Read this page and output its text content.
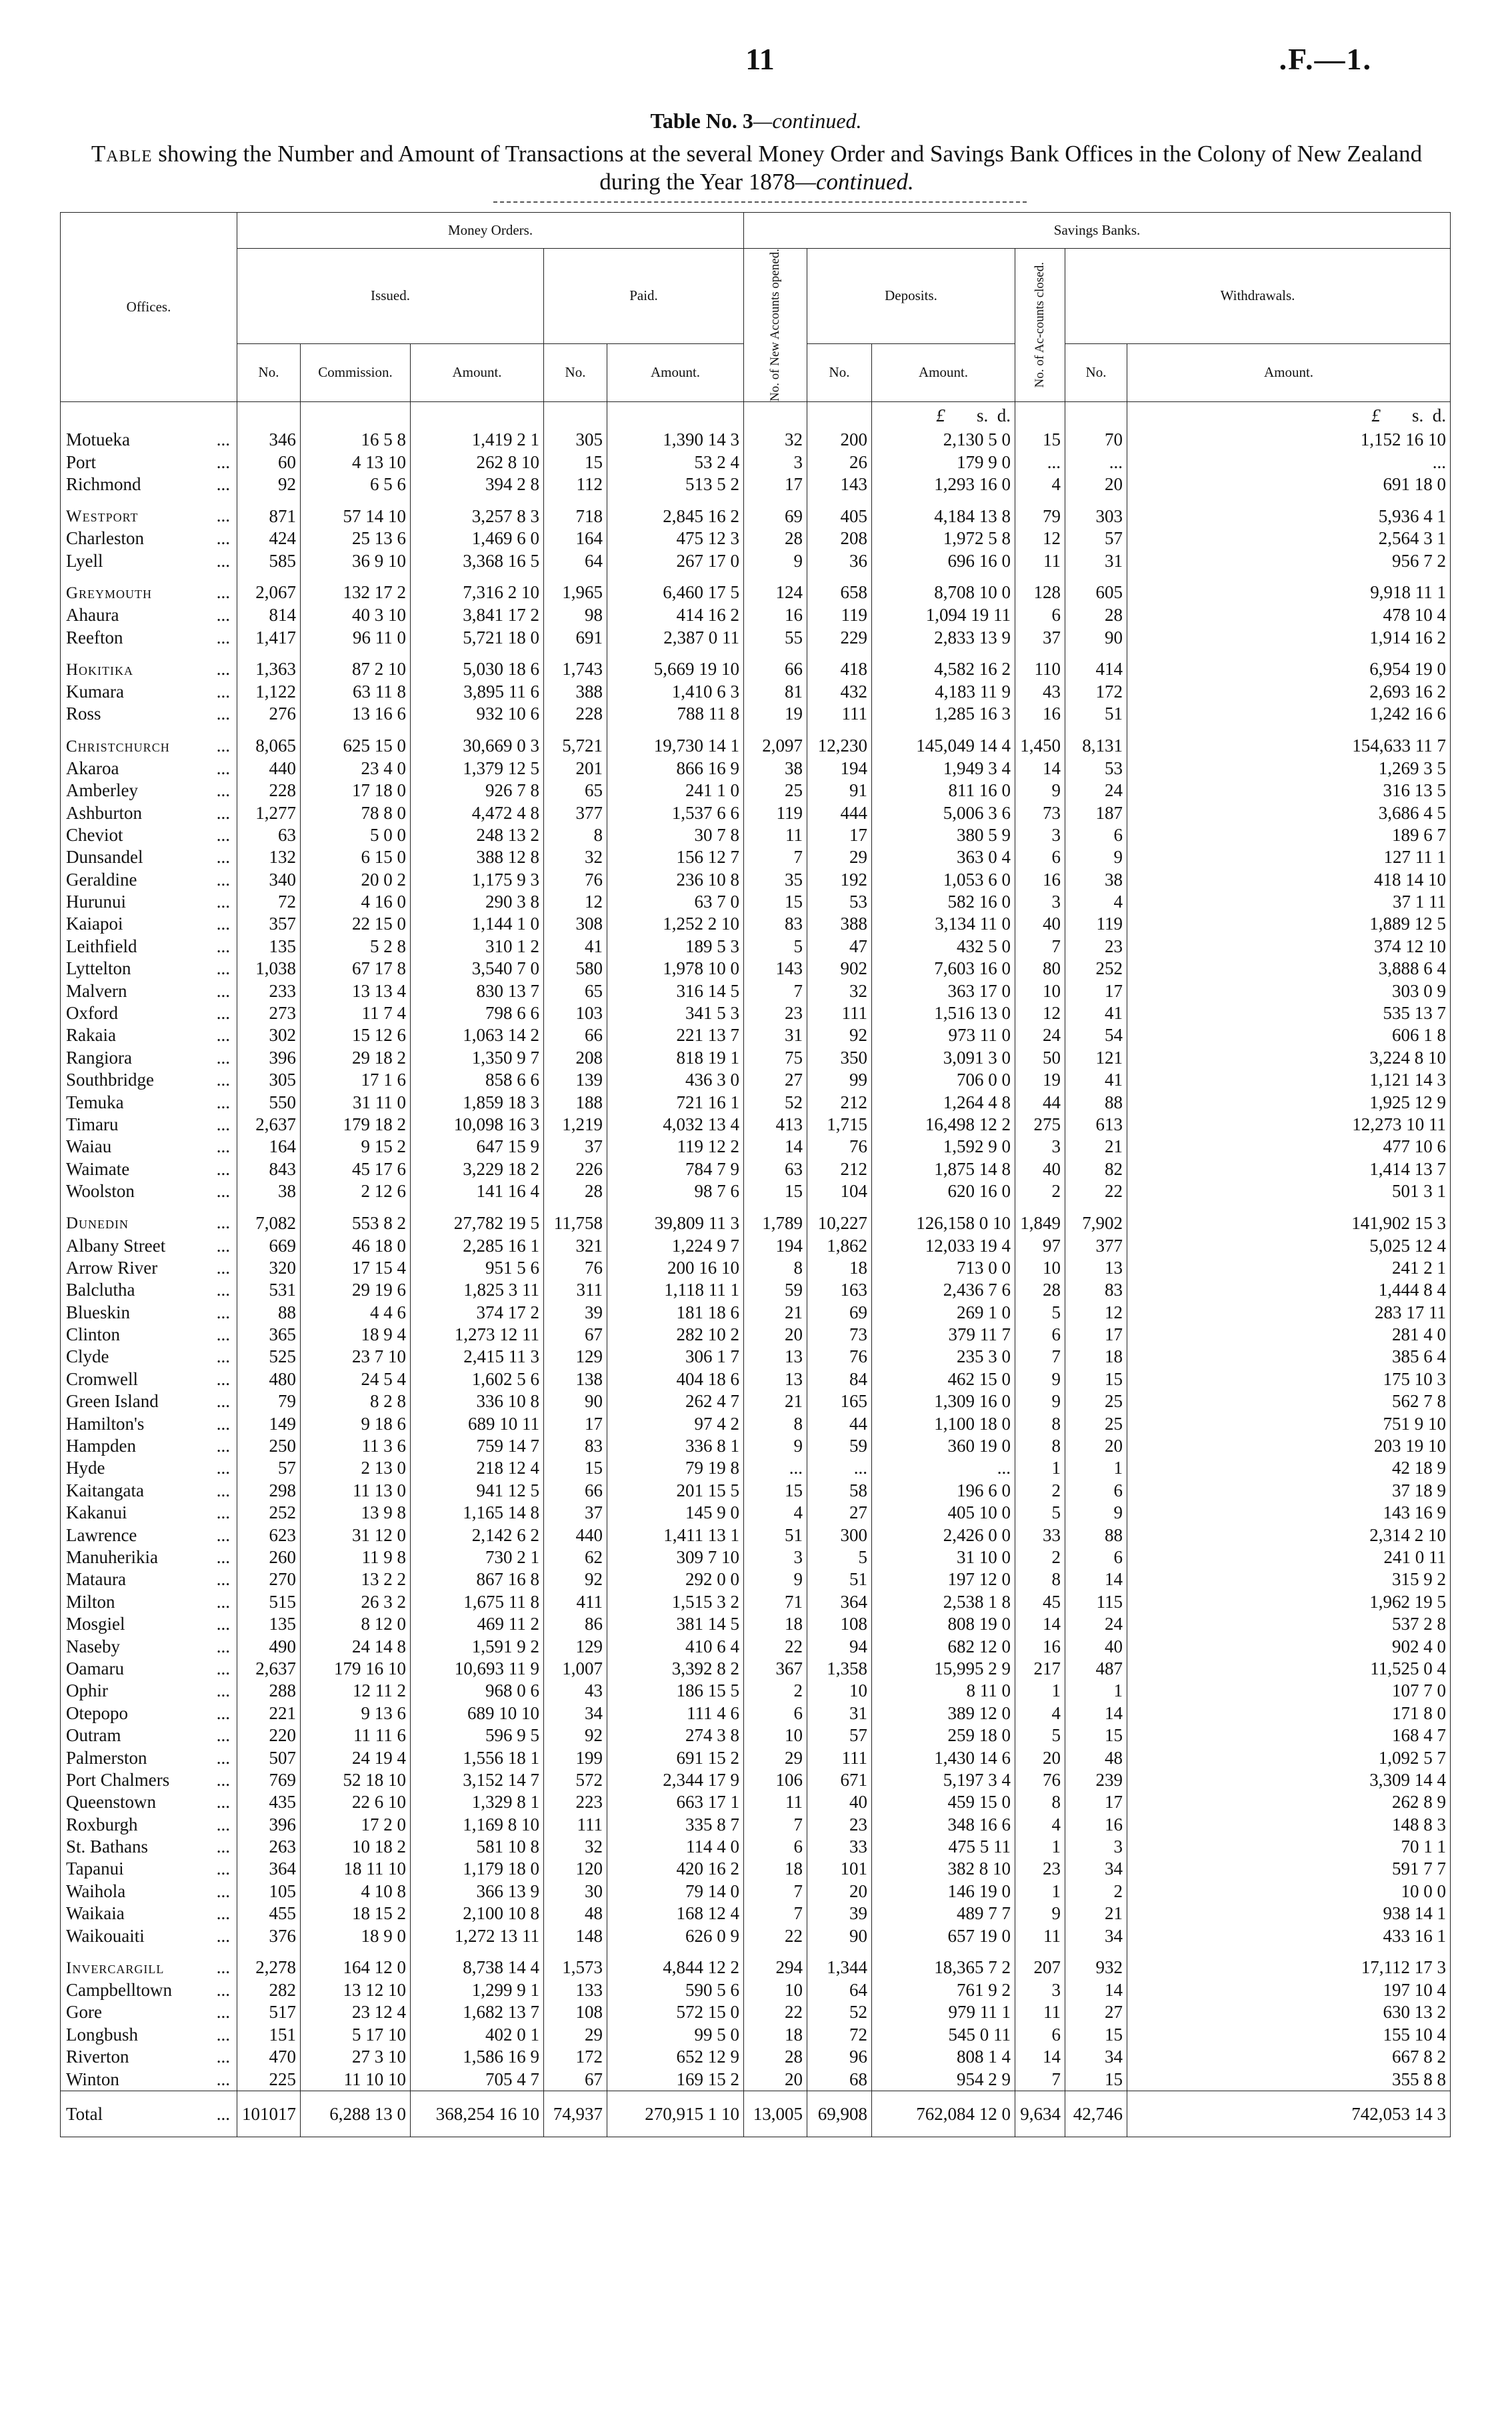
11	.F.—1.
Table No. 3—continued.
Table showing the Number and Amount of Transactions at the several Money Order and Savings Bank Offices in the Colony of New Zealand during the Year 1878—continued.
Offices.	Money Orders.					Savings Banks.					
	Issued.			Paid.		No. of New Accounts opened.	Deposits.		No. of Ac-counts closed.	Withdrawals.	
	No.	Commission.	Amount.	No.	Amount.		No.	Amount.		No.	Amount.
								£ s. d.			£ s. d.

...
Motueka	346	16 5 8	1,419 2 1	305	1,390 14 3	32	200	2,130 5 0	15	70	1,152 16 10

...
Port	60	4 13 10	262 8 10	15	53 2 4	3	26	179 9 0	...	...	...

...
Richmond	92	6 5 6	394 2 8	112	513 5 2	17	143	1,293 16 0	4	20	691 18 0

...
Westport	871	57 14 10	3,257 8 3	718	2,845 16 2	69	405	4,184 13 8	79	303	5,936 4 1

...
Charleston	424	25 13 6	1,469 6 0	164	475 12 3	28	208	1,972 5 8	12	57	2,564 3 1

...
Lyell	585	36 9 10	3,368 16 5	64	267 17 0	9	36	696 16 0	11	31	956 7 2

...
Greymouth	2,067	132 17 2	7,316 2 10	1,965	6,460 17 5	124	658	8,708 10 0	128	605	9,918 11 1

...
Ahaura	814	40 3 10	3,841 17 2	98	414 16 2	16	119	1,094 19 11	6	28	478 10 4

...
Reefton	1,417	96 11 0	5,721 18 0	691	2,387 0 11	55	229	2,833 13 9	37	90	1,914 16 2

...
Hokitika	1,363	87 2 10	5,030 18 6	1,743	5,669 19 10	66	418	4,582 16 2	110	414	6,954 19 0

...
Kumara	1,122	63 11 8	3,895 11 6	388	1,410 6 3	81	432	4,183 11 9	43	172	2,693 16 2

...
Ross	276	13 16 6	932 10 6	228	788 11 8	19	111	1,285 16 3	16	51	1,242 16 6

...
Christchurch	8,065	625 15 0	30,669 0 3	5,721	19,730 14 1	2,097	12,230	145,049 14 4	1,450	8,131	154,633 11 7

...
Akaroa	440	23 4 0	1,379 12 5	201	866 16 9	38	194	1,949 3 4	14	53	1,269 3 5

...
Amberley	228	17 18 0	926 7 8	65	241 1 0	25	91	811 16 0	9	24	316 13 5

...
Ashburton	1,277	78 8 0	4,472 4 8	377	1,537 6 6	119	444	5,006 3 6	73	187	3,686 4 5

...
Cheviot	63	5 0 0	248 13 2	8	30 7 8	11	17	380 5 9	3	6	189 6 7

...
Dunsandel	132	6 15 0	388 12 8	32	156 12 7	7	29	363 0 4	6	9	127 11 1

...
Geraldine	340	20 0 2	1,175 9 3	76	236 10 8	35	192	1,053 6 0	16	38	418 14 10

...
Hurunui	72	4 16 0	290 3 8	12	63 7 0	15	53	582 16 0	3	4	37 1 11

...
Kaiapoi	357	22 15 0	1,144 1 0	308	1,252 2 10	83	388	3,134 11 0	40	119	1,889 12 5

...
Leithfield	135	5 2 8	310 1 2	41	189 5 3	5	47	432 5 0	7	23	374 12 10

...
Lyttelton	1,038	67 17 8	3,540 7 0	580	1,978 10 0	143	902	7,603 16 0	80	252	3,888 6 4

...
Malvern	233	13 13 4	830 13 7	65	316 14 5	7	32	363 17 0	10	17	303 0 9

...
Oxford	273	11 7 4	798 6 6	103	341 5 3	23	111	1,516 13 0	12	41	535 13 7

...
Rakaia	302	15 12 6	1,063 14 2	66	221 13 7	31	92	973 11 0	24	54	606 1 8

...
Rangiora	396	29 18 2	1,350 9 7	208	818 19 1	75	350	3,091 3 0	50	121	3,224 8 10

...
Southbridge	305	17 1 6	858 6 6	139	436 3 0	27	99	706 0 0	19	41	1,121 14 3

...
Temuka	550	31 11 0	1,859 18 3	188	721 16 1	52	212	1,264 4 8	44	88	1,925 12 9

...
Timaru	2,637	179 18 2	10,098 16 3	1,219	4,032 13 4	413	1,715	16,498 12 2	275	613	12,273 10 11

...
Waiau	164	9 15 2	647 15 9	37	119 12 2	14	76	1,592 9 0	3	21	477 10 6

...
Waimate	843	45 17 6	3,229 18 2	226	784 7 9	63	212	1,875 14 8	40	82	1,414 13 7

...
Woolston	38	2 12 6	141 16 4	28	98 7 6	15	104	620 16 0	2	22	501 3 1

...
Dunedin	7,082	553 8 2	27,782 19 5	11,758	39,809 11 3	1,789	10,227	126,158 0 10	1,849	7,902	141,902 15 3

...
Albany Street	669	46 18 0	2,285 16 1	321	1,224 9 7	194	1,862	12,033 19 4	97	377	5,025 12 4

...
Arrow River	320	17 15 4	951 5 6	76	200 16 10	8	18	713 0 0	10	13	241 2 1

...
Balclutha	531	29 19 6	1,825 3 11	311	1,118 11 1	59	163	2,436 7 6	28	83	1,444 8 4

...
Blueskin	88	4 4 6	374 17 2	39	181 18 6	21	69	269 1 0	5	12	283 17 11

...
Clinton	365	18 9 4	1,273 12 11	67	282 10 2	20	73	379 11 7	6	17	281 4 0

...
Clyde	525	23 7 10	2,415 11 3	129	306 1 7	13	76	235 3 0	7	18	385 6 4

...
Cromwell	480	24 5 4	1,602 5 6	138	404 18 6	13	84	462 15 0	9	15	175 10 3

...
Green Island	79	8 2 8	336 10 8	90	262 4 7	21	165	1,309 16 0	9	25	562 7 8

...
Hamilton's	149	9 18 6	689 10 11	17	97 4 2	8	44	1,100 18 0	8	25	751 9 10

...
Hampden	250	11 3 6	759 14 7	83	336 8 1	9	59	360 19 0	8	20	203 19 10

...
Hyde	57	2 13 0	218 12 4	15	79 19 8	...	...	...	1	1	42 18 9

...
Kaitangata	298	11 13 0	941 12 5	66	201 15 5	15	58	196 6 0	2	6	37 18 9

...
Kakanui	252	13 9 8	1,165 14 8	37	145 9 0	4	27	405 10 0	5	9	143 16 9

...
Lawrence	623	31 12 0	2,142 6 2	440	1,411 13 1	51	300	2,426 0 0	33	88	2,314 2 10

...
Manuherikia	260	11 9 8	730 2 1	62	309 7 10	3	5	31 10 0	2	6	241 0 11

...
Mataura	270	13 2 2	867 16 8	92	292 0 0	9	51	197 12 0	8	14	315 9 2

...
Milton	515	26 3 2	1,675 11 8	411	1,515 3 2	71	364	2,538 1 8	45	115	1,962 19 5

...
Mosgiel	135	8 12 0	469 11 2	86	381 14 5	18	108	808 19 0	14	24	537 2 8

...
Naseby	490	24 14 8	1,591 9 2	129	410 6 4	22	94	682 12 0	16	40	902 4 0

...
Oamaru	2,637	179 16 10	10,693 11 9	1,007	3,392 8 2	367	1,358	15,995 2 9	217	487	11,525 0 4

...
Ophir	288	12 11 2	968 0 6	43	186 15 5	2	10	8 11 0	1	1	107 7 0

...
Otepopo	221	9 13 6	689 10 10	34	111 4 6	6	31	389 12 0	4	14	171 8 0

...
Outram	220	11 11 6	596 9 5	92	274 3 8	10	57	259 18 0	5	15	168 4 7

...
Palmerston	507	24 19 4	1,556 18 1	199	691 15 2	29	111	1,430 14 6	20	48	1,092 5 7

...
Port Chalmers	769	52 18 10	3,152 14 7	572	2,344 17 9	106	671	5,197 3 4	76	239	3,309 14 4

...
Queenstown	435	22 6 10	1,329 8 1	223	663 17 1	11	40	459 15 0	8	17	262 8 9

...
Roxburgh	396	17 2 0	1,169 8 10	111	335 8 7	7	23	348 16 6	4	16	148 8 3

...
St. Bathans	263	10 18 2	581 10 8	32	114 4 0	6	33	475 5 11	1	3	70 1 1

...
Tapanui	364	18 11 10	1,179 18 0	120	420 16 2	18	101	382 8 10	23	34	591 7 7

...
Waihola	105	4 10 8	366 13 9	30	79 14 0	7	20	146 19 0	1	2	10 0 0

...
Waikaia	455	18 15 2	2,100 10 8	48	168 12 4	7	39	489 7 7	9	21	938 14 1

...
Waikouaiti	376	18 9 0	1,272 13 11	148	626 0 9	22	90	657 19 0	11	34	433 16 1

...
Invercargill	2,278	164 12 0	8,738 14 4	1,573	4,844 12 2	294	1,344	18,365 7 2	207	932	17,112 17 3

...
Campbelltown	282	13 12 10	1,299 9 1	133	590 5 6	10	64	761 9 2	3	14	197 10 4

...
Gore	517	23 12 4	1,682 13 7	108	572 15 0	22	52	979 11 1	11	27	630 13 2

...
Longbush	151	5 17 10	402 0 1	29	99 5 0	18	72	545 0 11	6	15	155 10 4

...
Riverton	470	27 3 10	1,586 16 9	172	652 12 9	28	96	808 1 4	14	34	667 8 2

...
Winton	225	11 10 10	705 4 7	67	169 15 2	20	68	954 2 9	7	15	355 8 8

...
Total	101017	6,288 13 0	368,254 16 10	74,937	270,915 1 10	13,005	69,908	762,084 12 0	9,634	42,746	742,053 14 3
